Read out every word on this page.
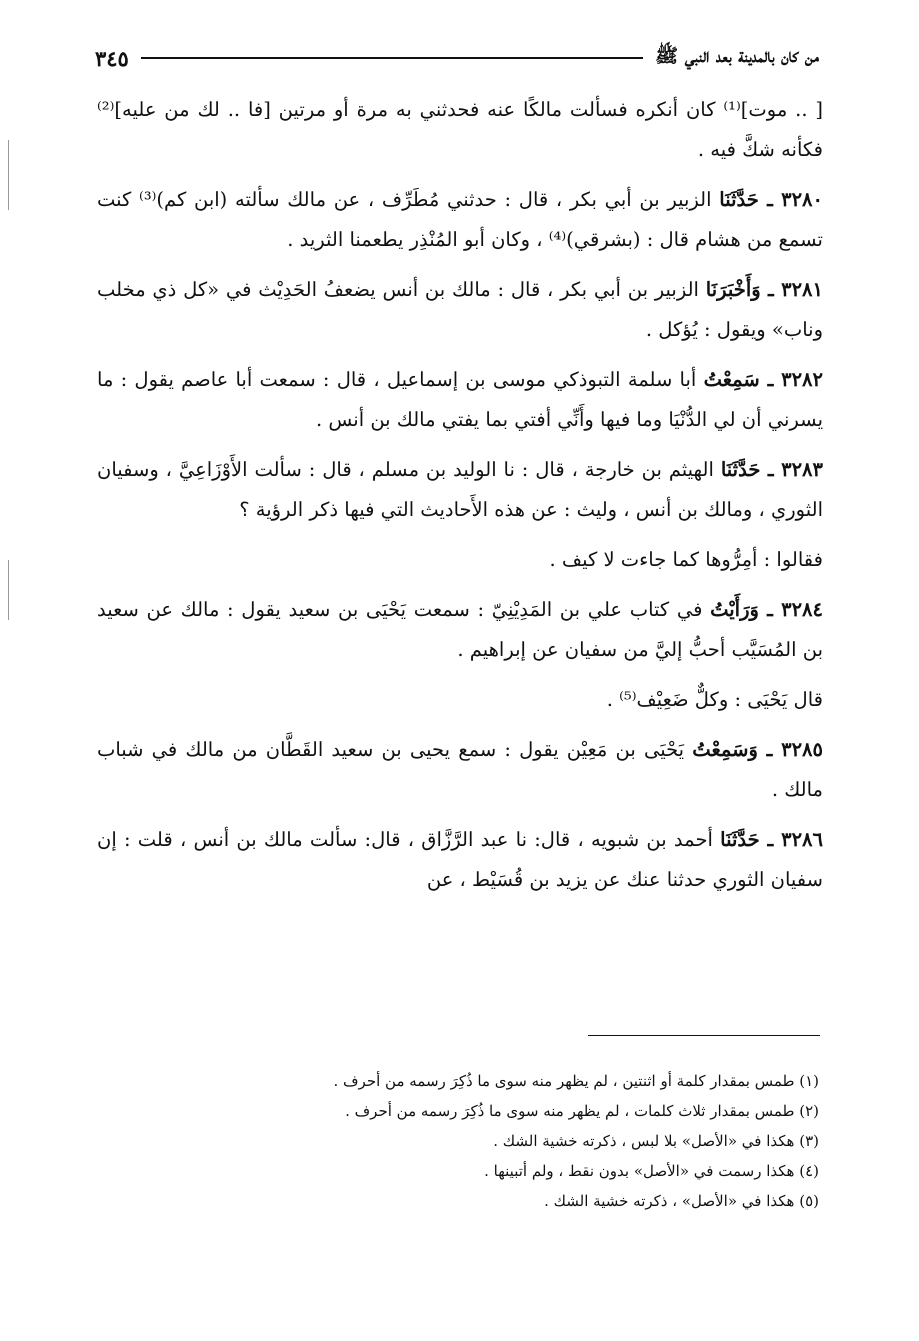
من كان بالمدينة بعد النبي ﷺ
٣٤٥

[ .. موت]⁽¹⁾ كان أنكره فسألت مالكًا عنه فحدثني به مرة أو مرتين [فا .. لك من عليه]⁽²⁾ فكأنه شكَّ فيه .

٣٢٨٠ ـ حَدَّثَنَا الزبير بن أبي بكر ، قال : حدثني مُطَرِّف ، عن مالك سألته (ابن كم)⁽³⁾ كنت تسمع من هشام قال : (بشرقي)⁽⁴⁾ ، وكان أبو المُنْذِر يطعمنا الثريد .

٣٢٨١ ـ وَأَخْبَرَنَا الزبير بن أبي بكر ، قال : مالك بن أنس يضعفُ الحَدِيْث في «كل ذي مخلب وناب» ويقول : يُؤكل .

٣٢٨٢ ـ سَمِعْتُ أبا سلمة التبوذكي موسى بن إسماعيل ، قال : سمعت أبا عاصم يقول : ما يسرني أن لي الدُّنْيَا وما فيها وأَنِّي أفتي بما يفتي مالك بن أنس .

٣٢٨٣ ـ حَدَّثَنَا الهيثم بن خارجة ، قال : نا الوليد بن مسلم ، قال : سألت الأَوْزَاعِيَّ ، وسفيان الثوري ، ومالك بن أنس ، وليث : عن هذه الأَحاديث التي فيها ذكر الرؤية ؟

فقالوا : أمِرُّوها كما جاءت لا كيف .

٣٢٨٤ ـ وَرَأَيْتُ في كتاب علي بن المَدِيْنِيّ : سمعت يَحْيَى بن سعيد يقول : مالك عن سعيد بن المُسَيَّب أحبُّ إليَّ من سفيان عن إبراهيم .

قال يَحْيَى : وكلٌّ ضَعِيْف⁽⁵⁾ .

٣٢٨٥ ـ وَسَمِعْتُ يَحْيَى بن مَعِيْن يقول : سمع يحيى بن سعيد القَطَّان من مالك في شباب مالك .

٣٢٨٦ ـ حَدَّثَنَا أحمد بن شبويه ، قال: نا عبد الرَّزَّاق ، قال: سألت مالك بن أنس ، قلت : إن سفيان الثوري حدثنا عنك عن يزيد بن قُسَيْط ، عن

(١) طمس بمقدار كلمة أو اثنتين ، لم يظهر منه سوى ما ذُكِرَ رسمه من أحرف .

(٢) طمس بمقدار ثلاث كلمات ، لم يظهر منه سوى ما ذُكِرَ رسمه من أحرف .

(٣) هكذا في «الأصل» بلا لبس ، ذكرته خشية الشك .

(٤) هكذا رسمت في «الأصل» بدون نقط ، ولم أتبينها .

(٥) هكذا في «الأصل» ، ذكرته خشية الشك .
